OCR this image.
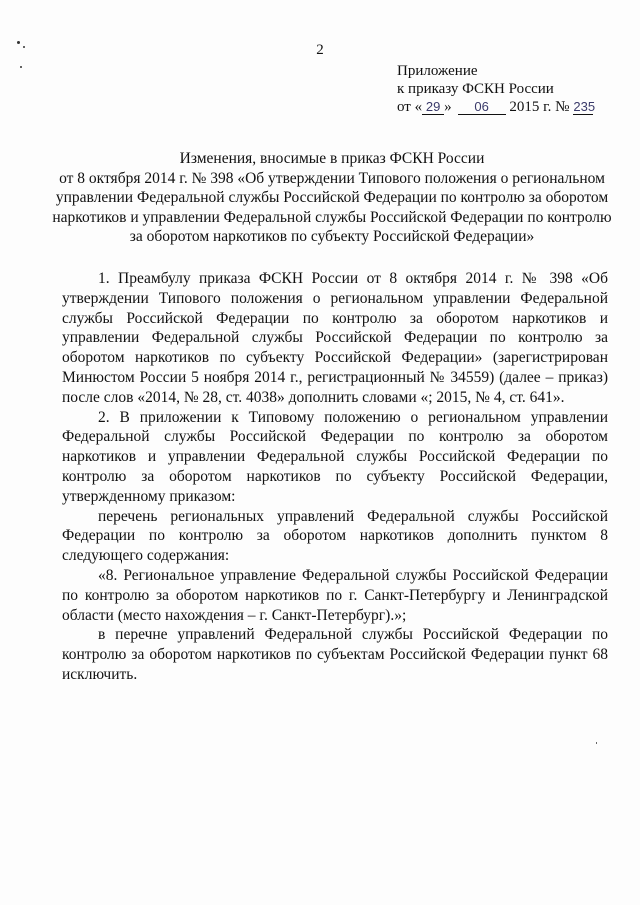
2
Приложение
к приказу ФСКН России
от « 29 » 06 2015 г. № 235

Изменения, вносимые в приказ ФСКН России

от 8 октября 2014 г. № 398 «Об утверждении Типового положения о региональном управлении Федеральной службы Российской Федерации по контролю за оборотом наркотиков и управлении Федеральной службы Российской Федерации по контролю за оборотом наркотиков по субъекту Российской Федерации»

1. Преамбулу приказа ФСКН России от 8 октября 2014 г. № 398 «Об утверждении Типового положения о региональном управлении Федеральной службы Российской Федерации по контролю за оборотом наркотиков и управлении Федеральной службы Российской Федерации по контролю за оборотом наркотиков по субъекту Российской Федерации» (зарегистрирован Минюстом России 5 ноября 2014 г., регистрационный № 34559) (далее – приказ) после слов «2014, № 28, ст. 4038» дополнить словами «; 2015, № 4, ст. 641».

2. В приложении к Типовому положению о региональном управлении Федеральной службы Российской Федерации по контролю за оборотом наркотиков и управлении Федеральной службы Российской Федерации по контролю за оборотом наркотиков по субъекту Российской Федерации, утвержденному приказом:

перечень региональных управлений Федеральной службы Российской Федерации по контролю за оборотом наркотиков дополнить пунктом 8 следующего содержания:

«8. Региональное управление Федеральной службы Российской Федерации по контролю за оборотом наркотиков по г. Санкт-Петербургу и Ленинградской области (место нахождения – г. Санкт-Петербург).»;

в перечне управлений Федеральной службы Российской Федерации по контролю за оборотом наркотиков по субъектам Российской Федерации пункт 68 исключить.
